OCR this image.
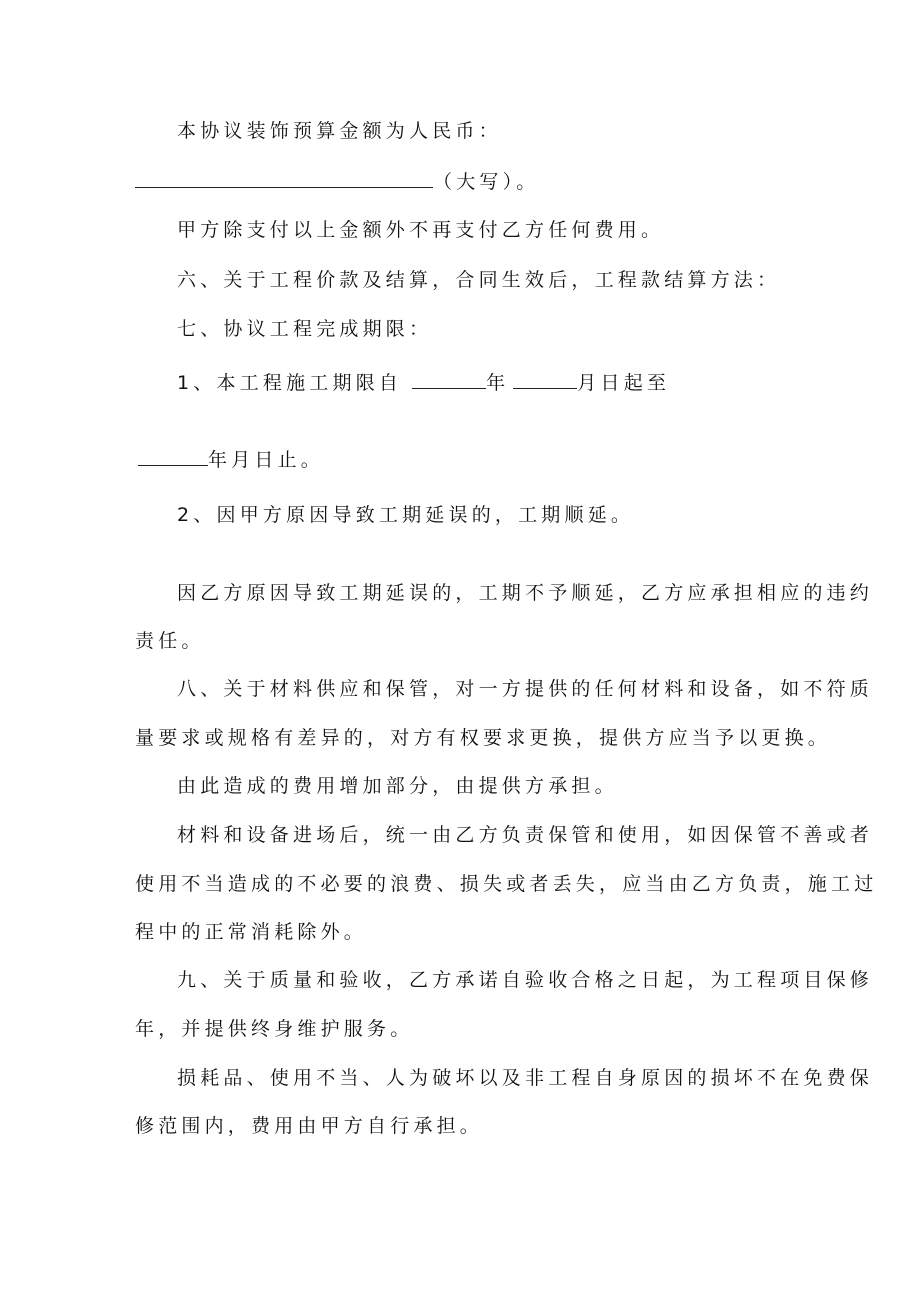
本协议装饰预算金额为人民币：

（大写）。

甲方除支付以上金额外不再支付乙方任何费用。

六、关于工程价款及结算，合同生效后，工程款结算方法：

七、协议工程完成期限：

1、本工程施工期限自	年	月日起至

年月日止。

2、因甲方原因导致工期延误的，工期顺延。

因乙方原因导致工期延误的，工期不予顺延，乙方应承担相应的违约

责任。

八、关于材料供应和保管，对一方提供的任何材料和设备，如不符质

量要求或规格有差异的，对方有权要求更换，提供方应当予以更换。

由此造成的费用增加部分，由提供方承担。

材料和设备进场后，统一由乙方负责保管和使用，如因保管不善或者

使用不当造成的不必要的浪费、损失或者丢失，应当由乙方负责，施工过

程中的正常消耗除外。

九、关于质量和验收，乙方承诺自验收合格之日起，为工程项目保修

年，并提供终身维护服务。

损耗品、使用不当、人为破坏以及非工程自身原因的损坏不在免费保

修范围内，费用由甲方自行承担。
